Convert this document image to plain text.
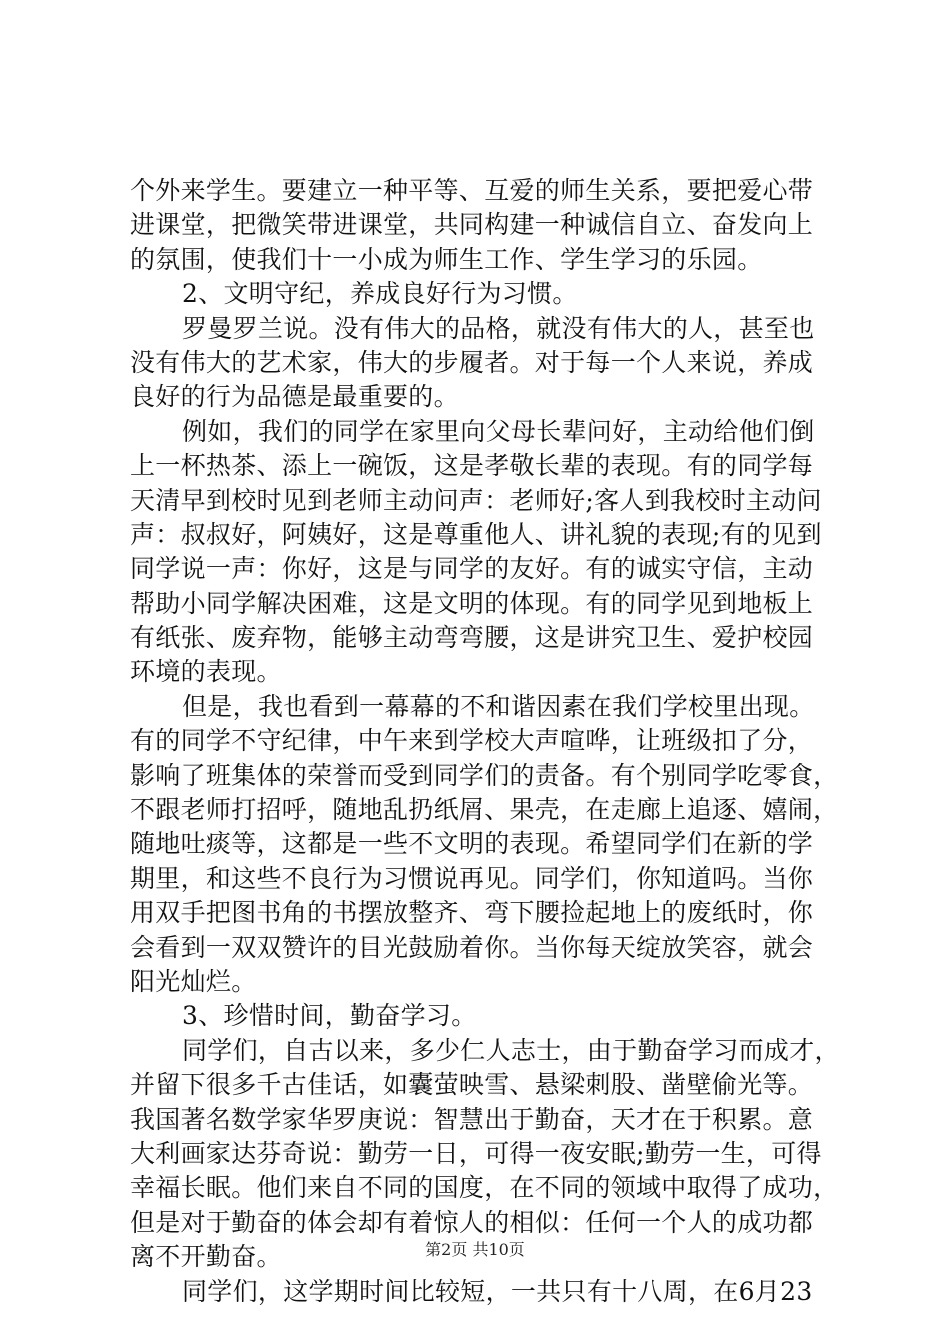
个外来学生。要建立一种平等、互爱的师生关系，要把爱心带
进课堂，把微笑带进课堂，共同构建一种诚信自立、奋发向上
的氛围，使我们十一小成为师生工作、学生学习的乐园。
2、文明守纪，养成良好行为习惯。
罗曼罗兰说。没有伟大的品格，就没有伟大的人，甚至也
没有伟大的艺术家，伟大的步履者。对于每一个人来说，养成
良好的行为品德是最重要的。
例如，我们的同学在家里向父母长辈问好，主动给他们倒
上一杯热茶、添上一碗饭，这是孝敬长辈的表现。有的同学每
天清早到校时见到老师主动问声：老师好;客人到我校时主动问
声：叔叔好，阿姨好，这是尊重他人、讲礼貌的表现;有的见到
同学说一声：你好，这是与同学的友好。有的诚实守信，主动
帮助小同学解决困难，这是文明的体现。有的同学见到地板上
有纸张、废弃物，能够主动弯弯腰，这是讲究卫生、爱护校园
环境的表现。
但是，我也看到一幕幕的不和谐因素在我们学校里出现。
有的同学不守纪律，中午来到学校大声喧哗，让班级扣了分，
影响了班集体的荣誉而受到同学们的责备。有个别同学吃零食，
不跟老师打招呼，随地乱扔纸屑、果壳，在走廊上追逐、嬉闹，
随地吐痰等，这都是一些不文明的表现。希望同学们在新的学
期里，和这些不良行为习惯说再见。同学们，你知道吗。当你
用双手把图书角的书摆放整齐、弯下腰捡起地上的废纸时，你
会看到一双双赞许的目光鼓励着你。当你每天绽放笑容，就会
阳光灿烂。
3、珍惜时间，勤奋学习。
同学们，自古以来，多少仁人志士，由于勤奋学习而成才，
并留下很多千古佳话，如囊萤映雪、悬梁刺股、凿壁偷光等。
我国著名数学家华罗庚说：智慧出于勤奋，天才在于积累。意
大利画家达芬奇说：勤劳一日，可得一夜安眠;勤劳一生，可得
幸福长眠。他们来自不同的国度，在不同的领域中取得了成功，
但是对于勤奋的体会却有着惊人的相似：任何一个人的成功都
离不开勤奋。
同学们，这学期时间比较短，一共只有十八周，在6月23
第2页 共10页
